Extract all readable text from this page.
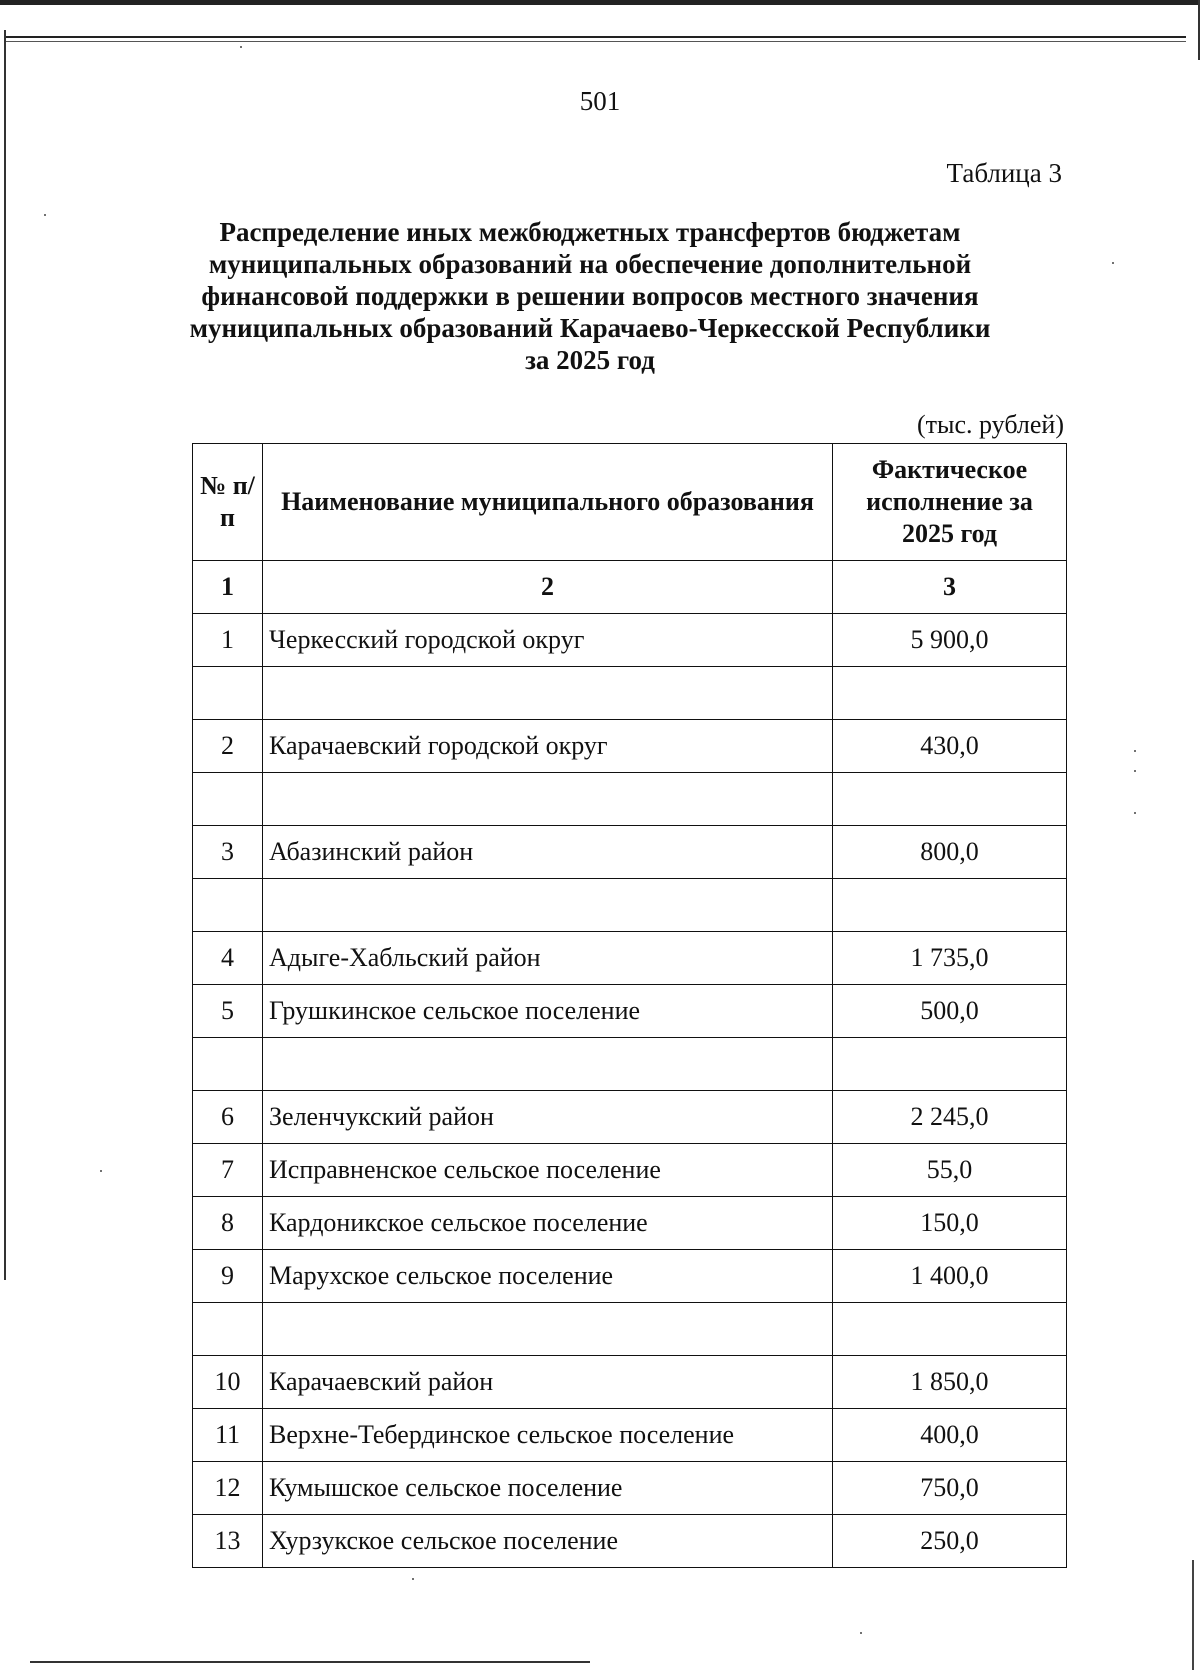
501
Таблица 3
Распределение иных межбюджетных трансфертов бюджетам
муниципальных образований на обеспечение дополнительной
финансовой поддержки в решении вопросов местного значения
муниципальных образований Карачаево-Черкесской Республики
за 2025 год
(тыс. рублей)
№ п/п	Наименование муниципального образования	Фактическое исполнение за 2025 год
1	2	3
1	Черкесский городской округ	5 900,0

2	Карачаевский городской округ	430,0

3	Абазинский район	800,0

4	Адыге-Хабльский район	1 735,0
5	Грушкинское сельское поселение	500,0

6	Зеленчукский район	2 245,0
7	Исправненское сельское поселение	55,0
8	Кардоникское сельское поселение	150,0
9	Марухское сельское поселение	1 400,0

10	Карачаевский район	1 850,0
11	Верхне-Тебердинское сельское поселение	400,0
12	Кумышское сельское поселение	750,0
13	Хурзукское сельское поселение	250,0
